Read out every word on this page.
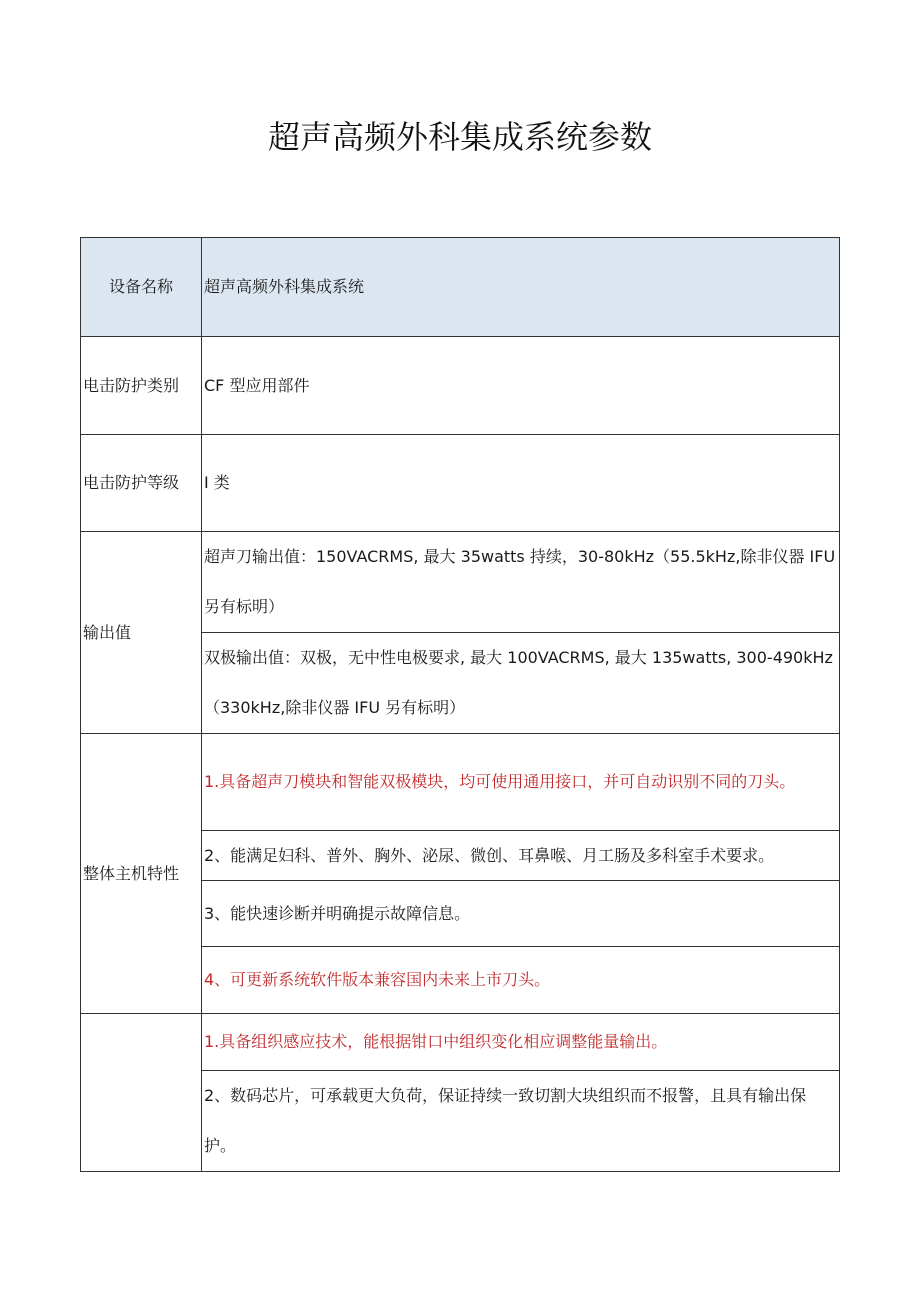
超声高频外科集成系统参数
设备名称	超声高频外科集成系统
电击防护类别	CF 型应用部件
电击防护等级	I 类
输出值	超声刀输出值：150VACRMS, 最大 35watts 持续，30-80kHz（55.5kHz,除非仪器 IFU 另有标明）
	双极输出值：双极，无中性电极要求, 最大 100VACRMS, 最大 135watts, 300-490kHz（330kHz,除非仪器 IFU 另有标明）
整体主机特性	1.具备超声刀模块和智能双极模块，均可使用通用接口，并可自动识别不同的刀头。
	2、能满足妇科、普外、胸外、泌尿、微创、耳鼻喉、月工肠及多科室手术要求。
	3、能快速诊断并明确提示故障信息。
	4、可更新系统软件版本兼容国内未来上市刀头。
	1.具备组织感应技术，能根据钳口中组织变化相应调整能量输出。
	2、数码芯片，可承载更大负荷，保证持续一致切割大块组织而不报警，且具有输出保护。
